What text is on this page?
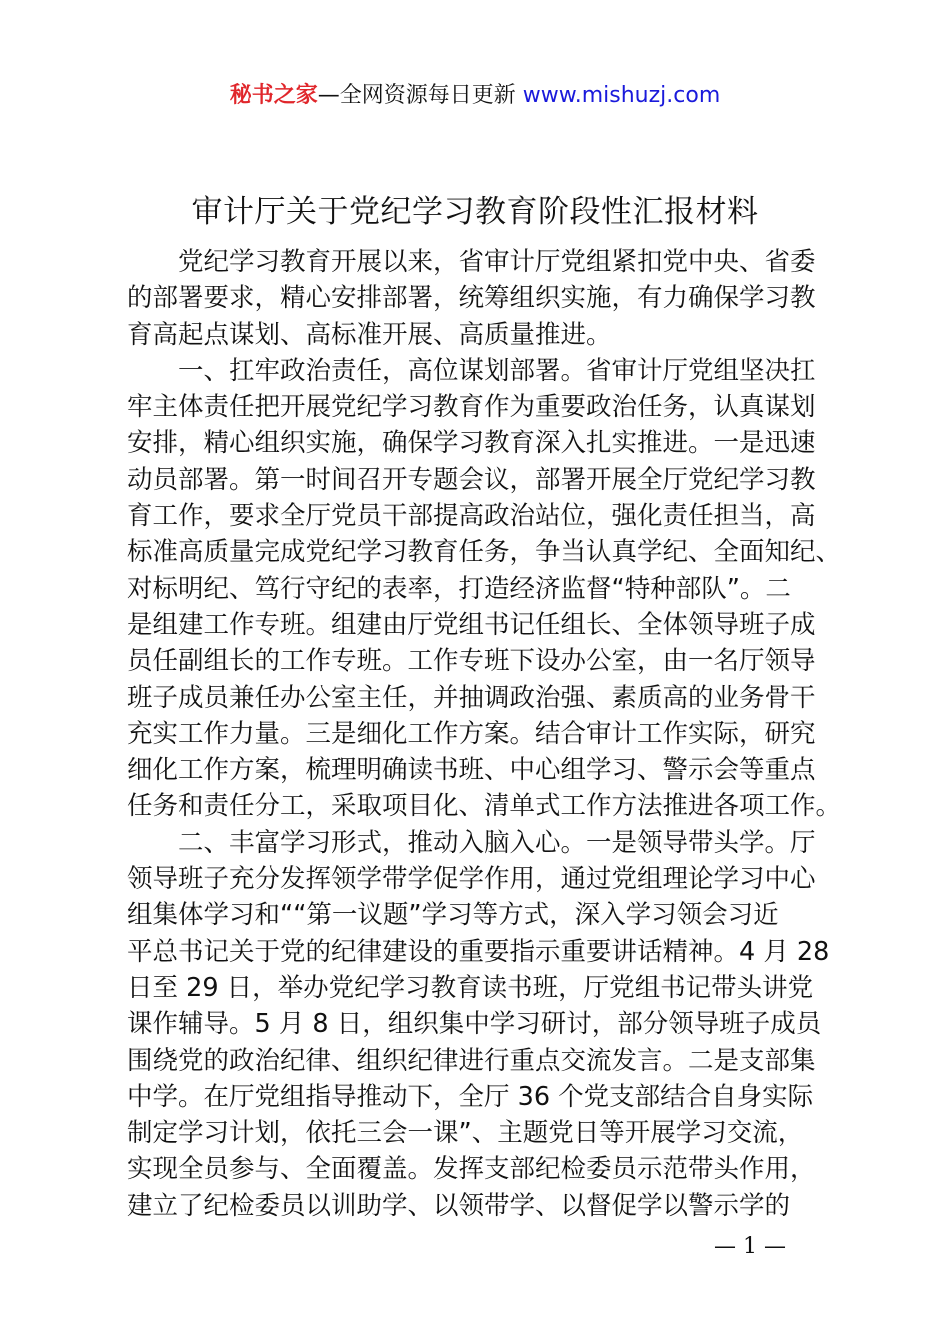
秘书之家—全网资源每日更新 www.mishuzj.com
审计厅关于党纪学习教育阶段性汇报材料
党纪学习教育开展以来，省审计厅党组紧扣党中央、省委
的部署要求，精心安排部署，统筹组织实施，有力确保学习教
育高起点谋划、高标准开展、高质量推进。
一、扛牢政治责任，高位谋划部署。省审计厅党组坚决扛
牢主体责任把开展党纪学习教育作为重要政治任务，认真谋划
安排，精心组织实施，确保学习教育深入扎实推进。一是迅速
动员部署。第一时间召开专题会议，部署开展全厅党纪学习教
育工作，要求全厅党员干部提高政治站位，强化责任担当，高
标准高质量完成党纪学习教育任务，争当认真学纪、全面知纪、
对标明纪、笃行守纪的表率，打造经济监督“特种部队”。二
是组建工作专班。组建由厅党组书记任组长、全体领导班子成
员任副组长的工作专班。工作专班下设办公室，由一名厅领导
班子成员兼任办公室主任，并抽调政治强、素质高的业务骨干
充实工作力量。三是细化工作方案。结合审计工作实际，研究
细化工作方案，梳理明确读书班、中心组学习、警示会等重点
任务和责任分工，采取项目化、清单式工作方法推进各项工作。
二、丰富学习形式，推动入脑入心。一是领导带头学。厅
领导班子充分发挥领学带学促学作用，通过党组理论学习中心
组集体学习和““第一议题”学习等方式，深入学习领会习近
平总书记关于党的纪律建设的重要指示重要讲话精神。4 月 28
日至 29 日，举办党纪学习教育读书班，厅党组书记带头讲党
课作辅导。5 月 8 日，组织集中学习研讨，部分领导班子成员
围绕党的政治纪律、组织纪律进行重点交流发言。二是支部集
中学。在厅党组指导推动下，全厅 36 个党支部结合自身实际
制定学习计划，依托三会一课”、主题党日等开展学习交流，
实现全员参与、全面覆盖。发挥支部纪检委员示范带头作用，
建立了纪检委员以训助学、以领带学、以督促学以警示学的
— 1 —
